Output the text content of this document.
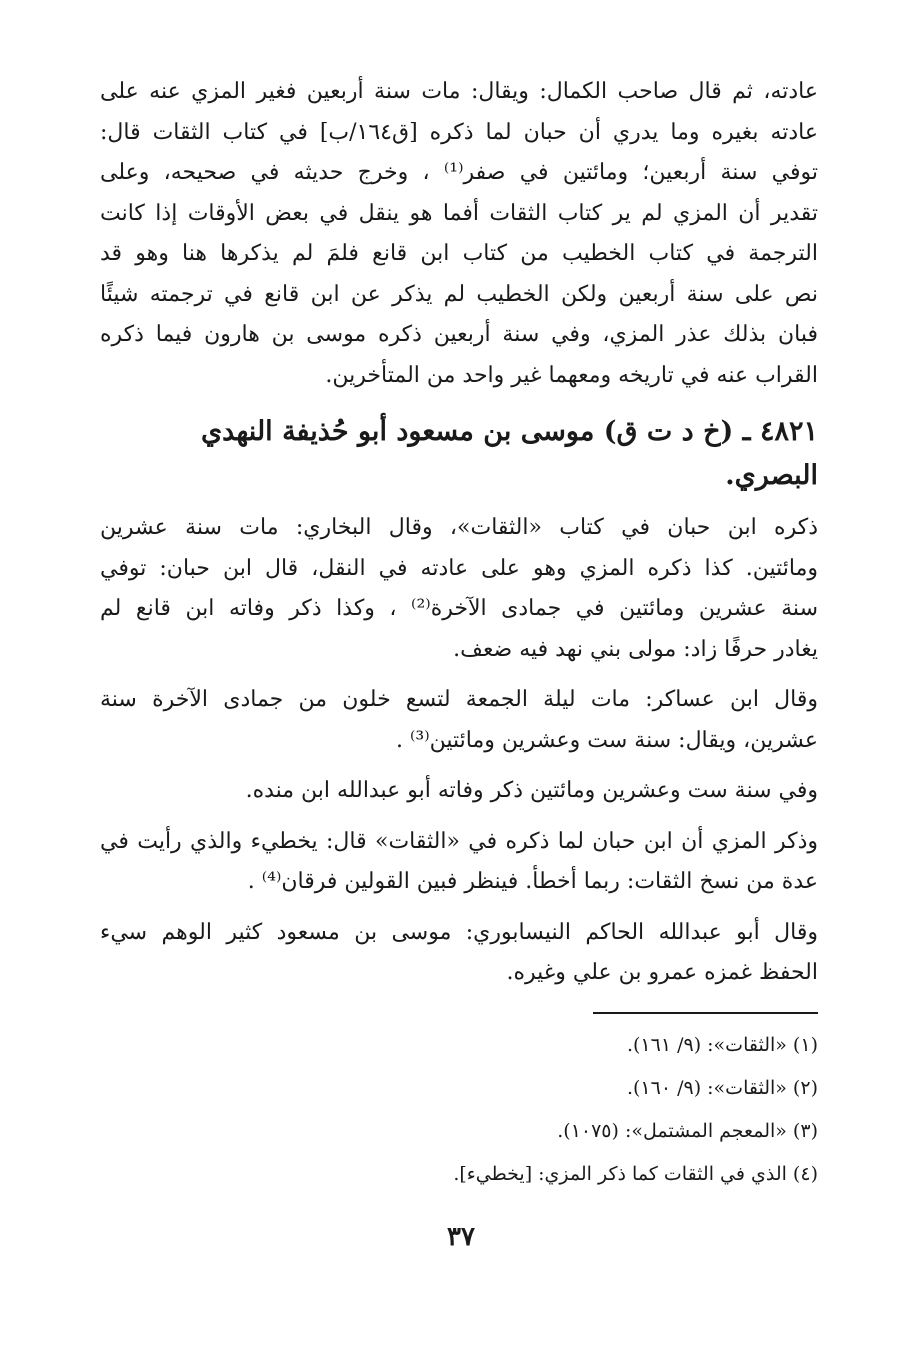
عادته، ثم قال صاحب الكمال: ويقال: مات سنة أربعين فغير المزي عنه على
عادته بغيره وما يدري أن حبان لما ذكره [ق١٦٤/ب] في كتاب الثقات قال:
توفي سنة أربعين؛ ومائتين في صفر⁽¹⁾ ، وخرج حديثه في صحيحه، وعلى
تقدير أن المزي لم ير كتاب الثقات أفما هو ينقل في بعض الأوقات إذا كانت
الترجمة في كتاب الخطيب من كتاب ابن قانع فلمَ لم يذكرها هنا وهو قد
نص على سنة أربعين ولكن الخطيب لم يذكر عن ابن قانع في ترجمته شيئًا
فبان بذلك عذر المزي، وفي سنة أربعين ذكره موسى بن هارون فيما ذكره
القراب عنه في تاريخه ومعهما غير واحد من المتأخرين.

٤٨٢١ ـ (خ د ت ق) موسى بن مسعود أبو حُذيفة النهدي البصري.

ذكره ابن حبان في كتاب «الثقات»، وقال البخاري: مات سنة عشرين
ومائتين. كذا ذكره المزي وهو على عادته في النقل، قال ابن حبان: توفي
سنة عشرين ومائتين في جمادى الآخرة⁽²⁾ ، وكذا ذكر وفاته ابن قانع لم
يغادر حرفًا زاد: مولى بني نهد فيه ضعف.

وقال ابن عساكر: مات ليلة الجمعة لتسع خلون من جمادى الآخرة سنة
عشرين، ويقال: سنة ست وعشرين ومائتين⁽³⁾ .

وفي سنة ست وعشرين ومائتين ذكر وفاته أبو عبدالله ابن منده.

وذكر المزي أن ابن حبان لما ذكره في «الثقات» قال: يخطيء والذي رأيت في
عدة من نسخ الثقات: ربما أخطأ. فينظر فبين القولين فرقان⁽⁴⁾ .

وقال أبو عبدالله الحاكم النيسابوري: موسى بن مسعود كثير الوهم سيء
الحفظ غمزه عمرو بن علي وغيره.

(١) «الثقات»: (٩/ ١٦١).
(٢) «الثقات»: (٩/ ١٦٠).
(٣) «المعجم المشتمل»: (١٠٧٥).
(٤) الذي في الثقات كما ذكر المزي: [يخطيء].
٣٧
